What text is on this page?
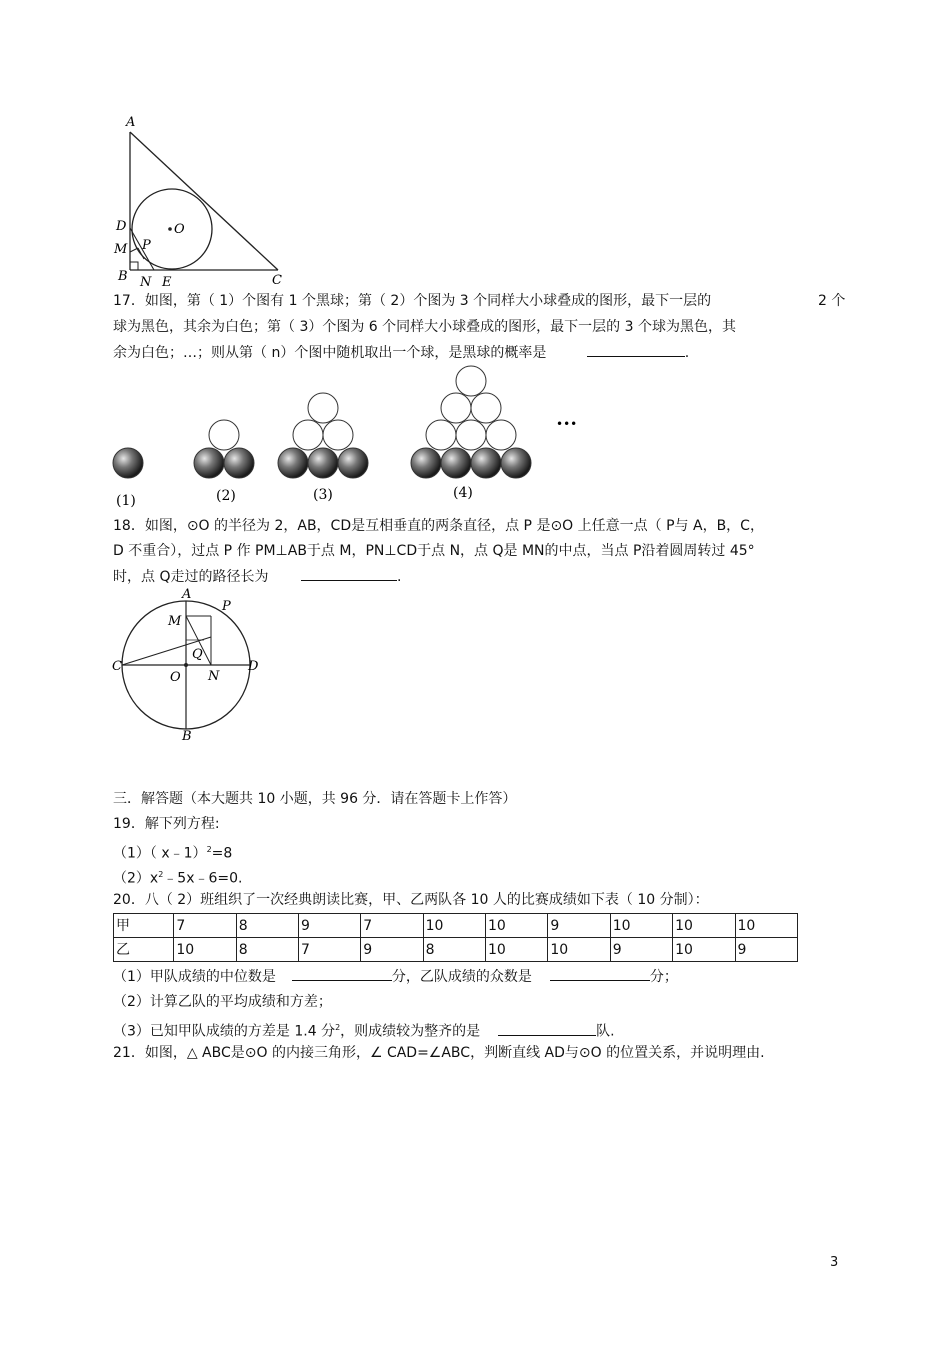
A
D	O
M P
B N E	C
17．如图，第（ 1）个图有 1 个黑球；第（ 2）个图为 3 个同样大小球叠成的图形，最下一层的	2 个
球为黑色，其余为白色；第（ 3）个图为 6 个同样大小球叠成的图形，最下一层的 3 个球为黑色，其
余为白色；…；则从第（ n）个图中随机取出一个球，是黑球的概率是	.
•••
(1)	(2)	(3)	(4)
18．如图，⊙O 的半径为 2，AB，CD是互相垂直的两条直径，点 P 是⊙O 上任意一点（ P与 A，B，C，
D 不重合），过点 P 作 PM⊥AB于点 M，PN⊥CD于点 N，点 Q是 MN的中点，当点 P沿着圆周转过 45°
时，点 Q走过的路径长为	.
A
P
M
Q
C	D
O N
B
三．解答题（本大题共 10 小题，共 96 分．请在答题卡上作答）
19．解下列方程:
（1）（ x﹣1）$^2$=8
$(2)x^2﹣5x﹣6=0$.
20．八（ 2）班组织了一次经典朗读比赛，甲、乙两队各 10 人的比赛成绩如下表（ 10 分制）：
甲	7	8	9	7	10	10	9	10	10	10
乙	10	8	7	9	8	10	10	9	10	9
（1）甲队成绩的中位数是	分，乙队成绩的众数是	分；
（2）计算乙队的平均成绩和方差；
（3）已知甲队成绩的方差是 1.4 分$^2$，则成绩较为整齐的是	队.
21．如图，△ ABC是⊙O 的内接三角形，∠ CAD=∠ABC，判断直线 AD与⊙O 的位置关系，并说明理由.
3
